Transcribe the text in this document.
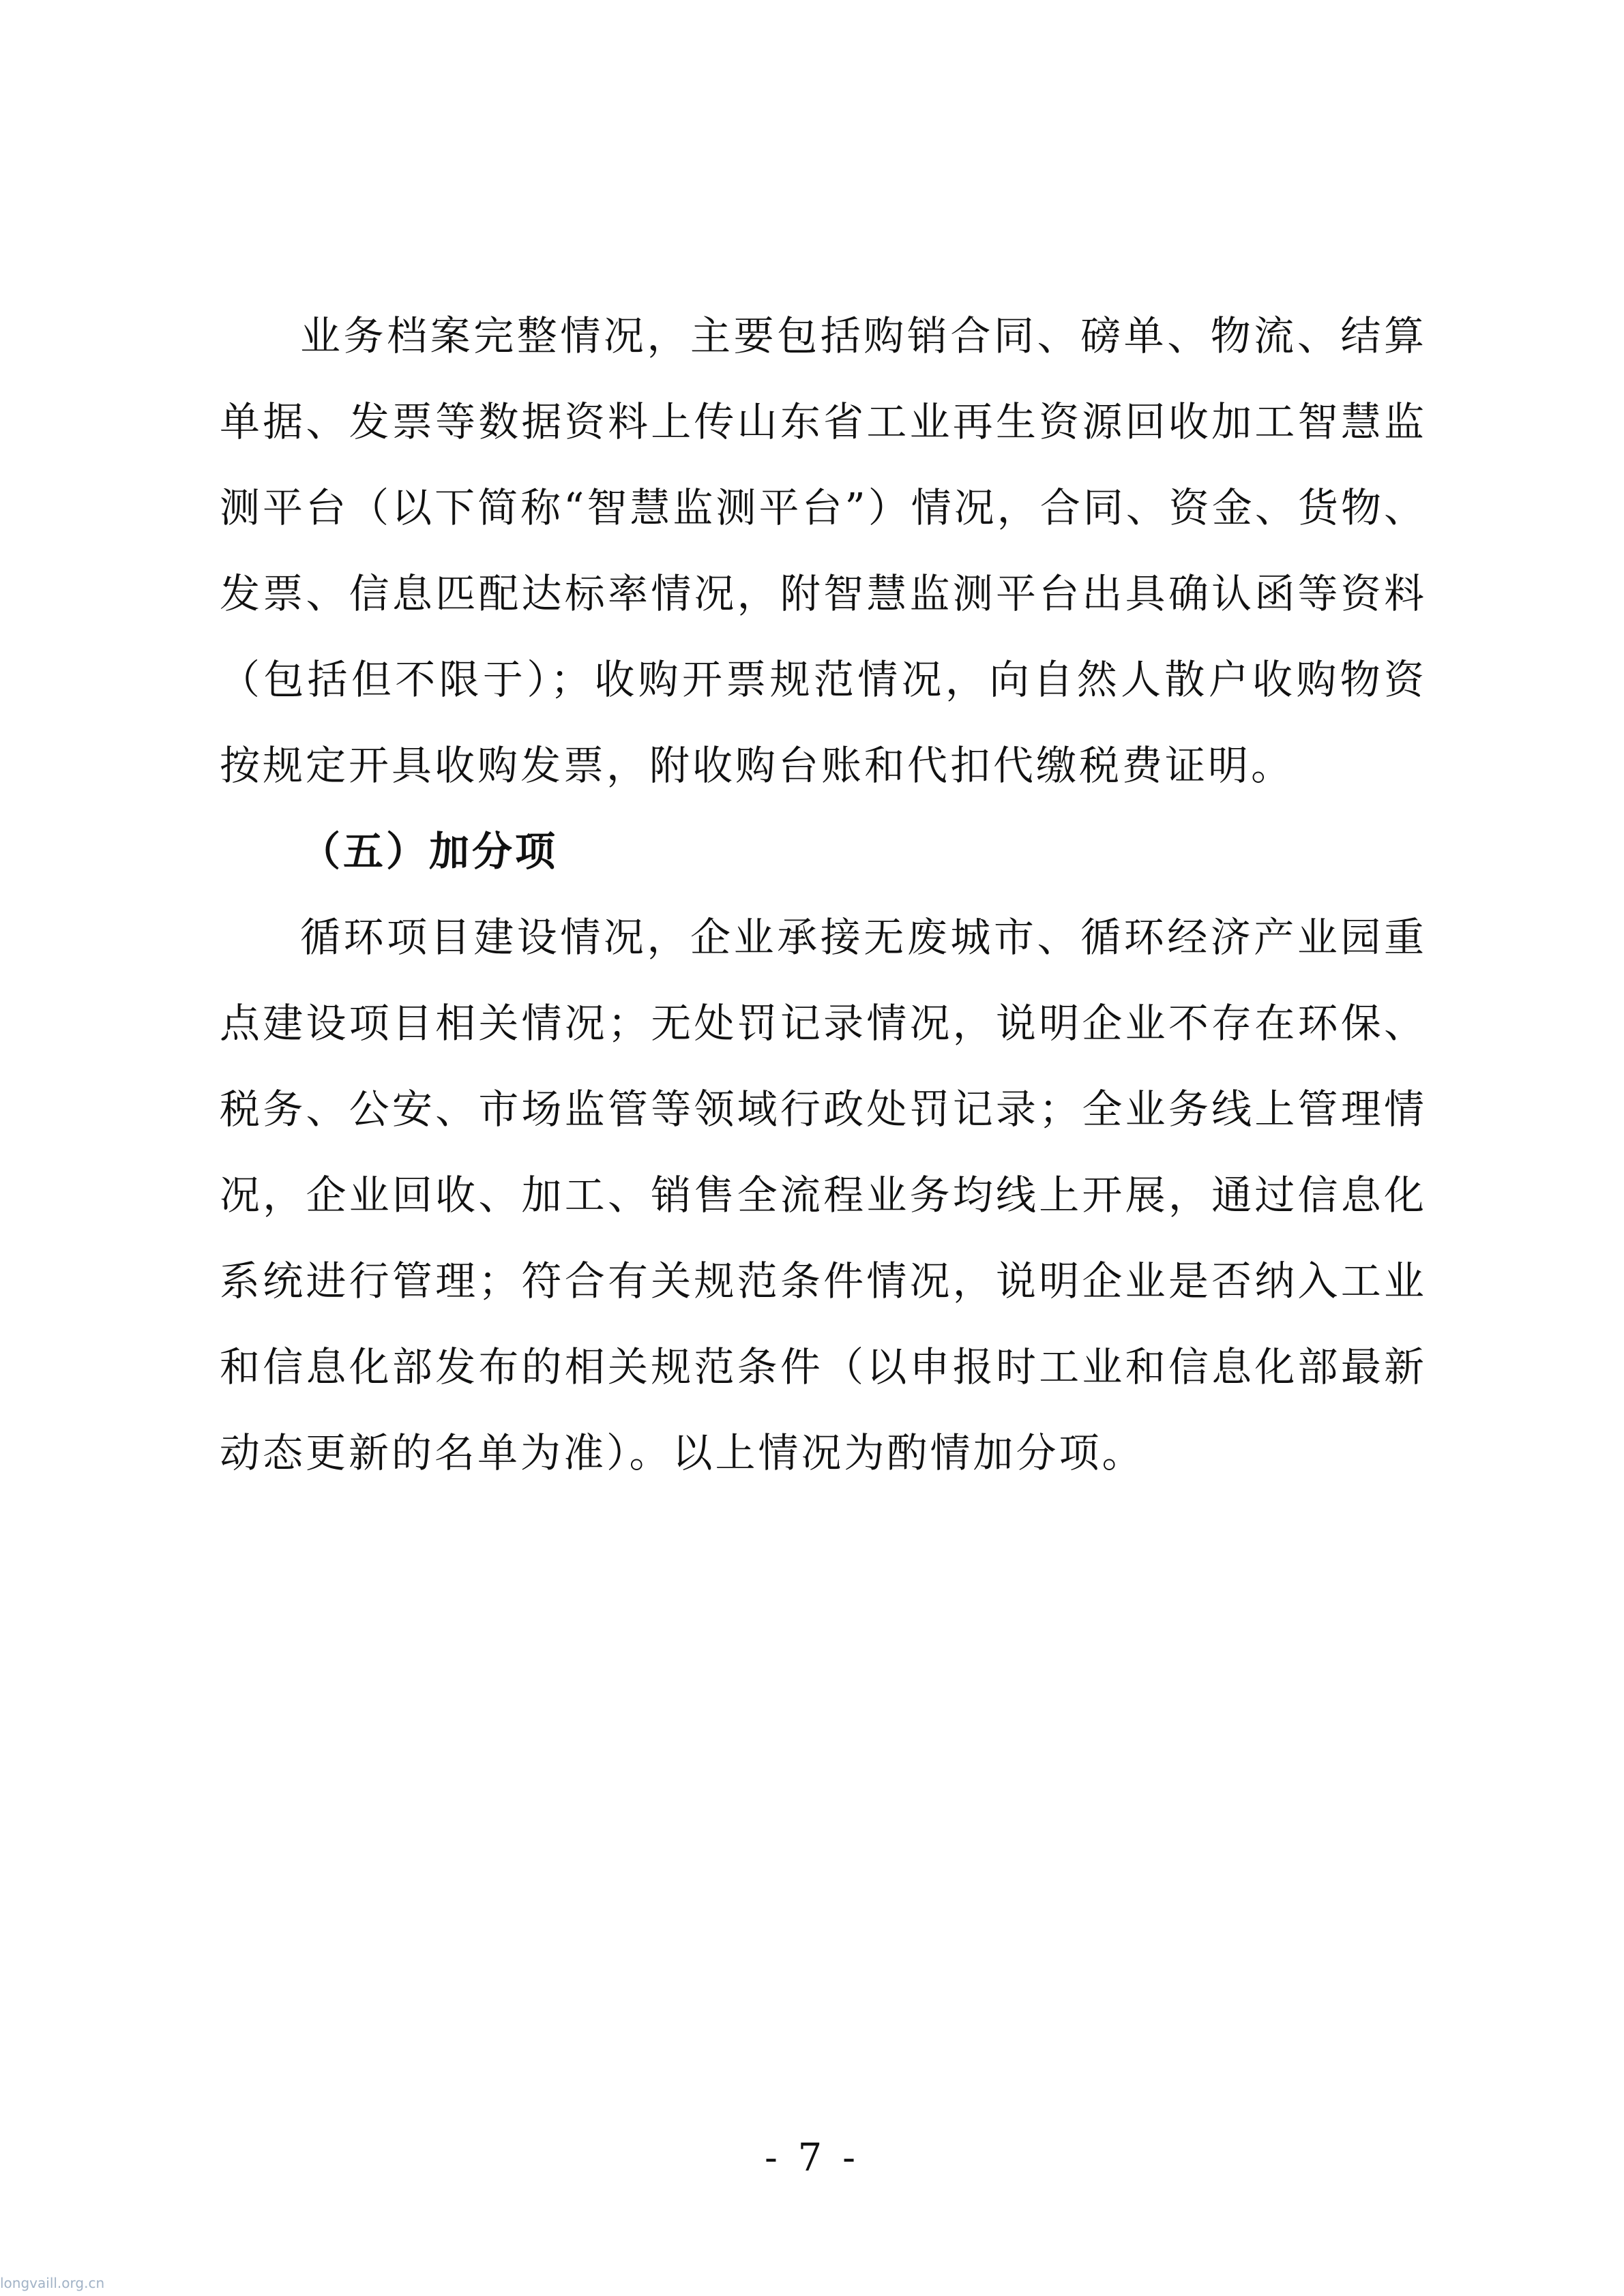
业务档案完整情况，主要包括购销合同、磅单、物流、结算单据、发票等数据资料上传山东省工业再生资源回收加工智慧监测平台（以下简称“智慧监测平台”）情况，合同、资金、货物、发票、信息匹配达标率情况，附智慧监测平台出具确认函等资料（包括但不限于）；收购开票规范情况，向自然人散户收购物资按规定开具收购发票，附收购台账和代扣代缴税费证明。

（五）加分项

循环项目建设情况，企业承接无废城市、循环经济产业园重点建设项目相关情况；无处罚记录情况，说明企业不存在环保、税务、公安、市场监管等领域行政处罚记录；全业务线上管理情况，企业回收、加工、销售全流程业务均线上开展，通过信息化系统进行管理；符合有关规范条件情况，说明企业是否纳入工业和信息化部发布的相关规范条件（以申报时工业和信息化部最新动态更新的名单为准）。以上情况为酌情加分项。

- 7 -
longvaill.org.cn
